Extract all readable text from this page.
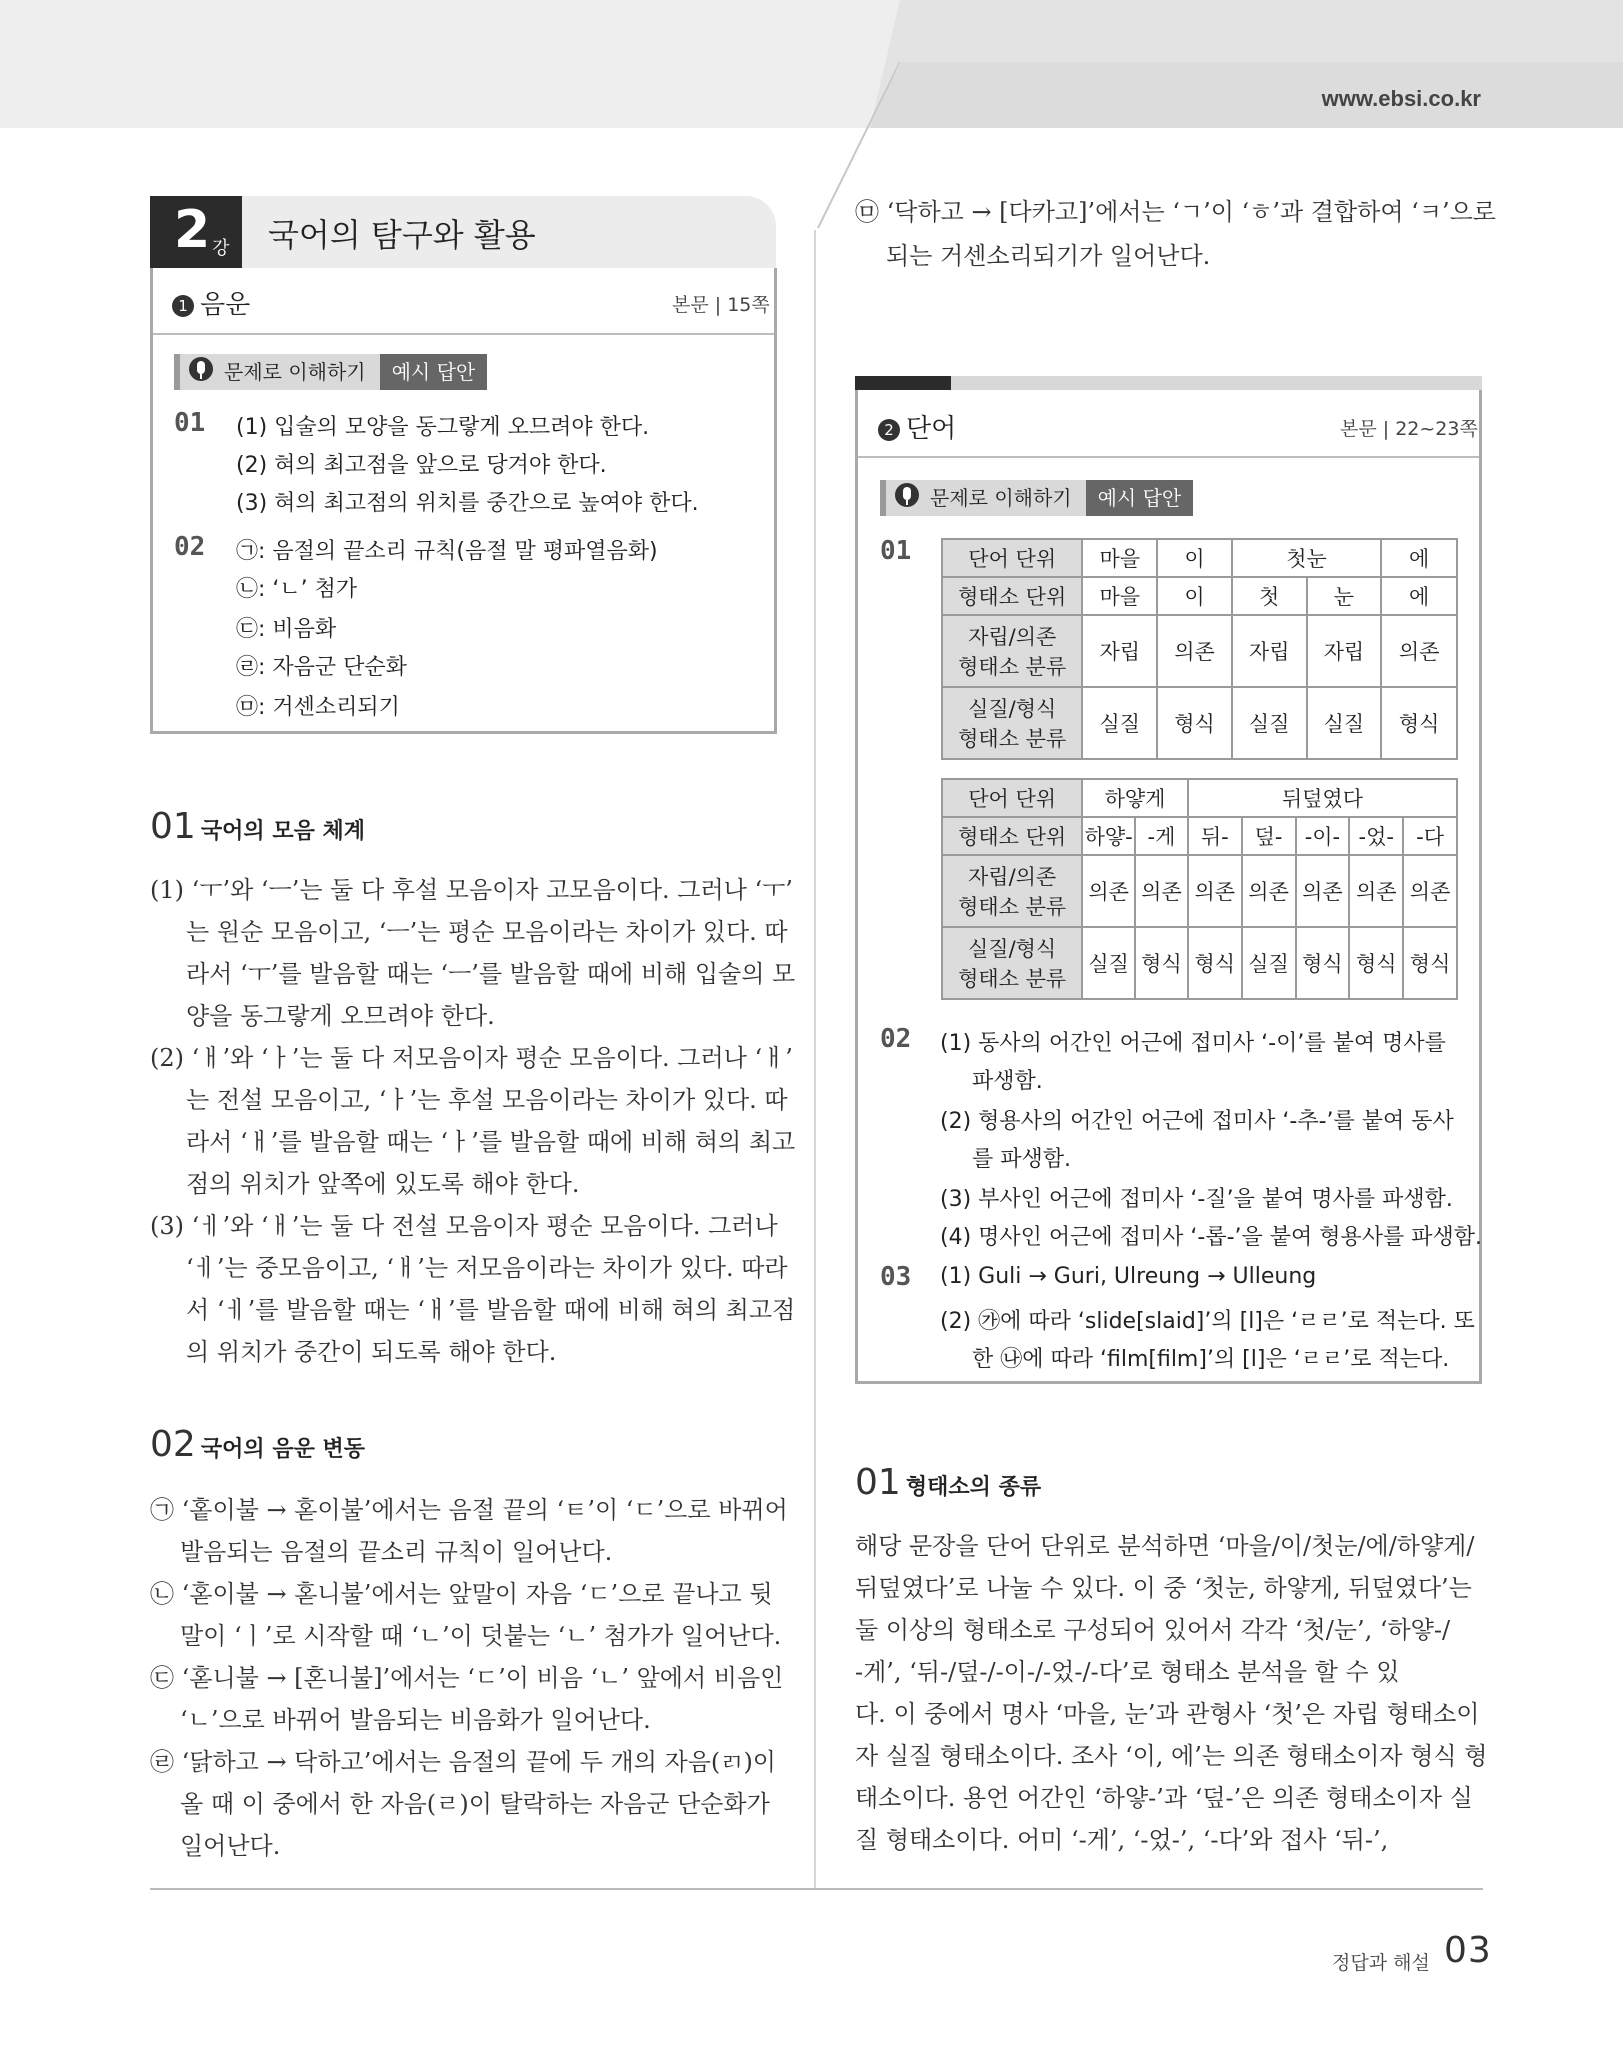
www.ebsi.co.kr
2 강 국어의 탐구와 활용
1 음운	본문 | 15쪽
문제로 이해하기 예시 답안
01 (1) 입술의 모양을 동그랗게 오므려야 한다.
(2) 혀의 최고점을 앞으로 당겨야 한다.
(3) 혀의 최고점의 위치를 중간으로 높여야 한다.
02 ㉠: 음절의 끝소리 규칙(음절 말 평파열음화)
㉡: ‘ㄴ’ 첨가
㉢: 비음화
㉣: 자음군 단순화
㉤: 거센소리되기
01 국어의 모음 체계
(1) ‘ㅜ’와 ‘ㅡ’는 둘 다 후설 모음이자 고모음이다. 그러나 ‘ㅜ’
는 원순 모음이고, ‘ㅡ’는 평순 모음이라는 차이가 있다. 따
라서 ‘ㅜ’를 발음할 때는 ‘ㅡ’를 발음할 때에 비해 입술의 모
양을 동그랗게 오므려야 한다.
(2) ‘ㅐ’와 ‘ㅏ’는 둘 다 저모음이자 평순 모음이다. 그러나 ‘ㅐ’
는 전설 모음이고, ‘ㅏ’는 후설 모음이라는 차이가 있다. 따
라서 ‘ㅐ’를 발음할 때는 ‘ㅏ’를 발음할 때에 비해 혀의 최고
점의 위치가 앞쪽에 있도록 해야 한다.
(3) ‘ㅔ’와 ‘ㅐ’는 둘 다 전설 모음이자 평순 모음이다. 그러나
‘ㅔ’는 중모음이고, ‘ㅐ’는 저모음이라는 차이가 있다. 따라
서 ‘ㅔ’를 발음할 때는 ‘ㅐ’를 발음할 때에 비해 혀의 최고점
의 위치가 중간이 되도록 해야 한다.
02 국어의 음운 변동
㉠ ‘홑이불 → 혿이불’에서는 음절 끝의 ‘ㅌ’이 ‘ㄷ’으로 바뀌어
발음되는 음절의 끝소리 규칙이 일어난다.
㉡ ‘혿이불 → 혿니불’에서는 앞말이 자음 ‘ㄷ’으로 끝나고 뒷
말이 ‘ㅣ’로 시작할 때 ‘ㄴ’이 덧붙는 ‘ㄴ’ 첨가가 일어난다.
㉢ ‘혿니불 → [혼니불]’에서는 ‘ㄷ’이 비음 ‘ㄴ’ 앞에서 비음인
‘ㄴ’으로 바뀌어 발음되는 비음화가 일어난다.
㉣ ‘닭하고 → 닥하고’에서는 음절의 끝에 두 개의 자음(ㄺ)이
올 때 이 중에서 한 자음(ㄹ)이 탈락하는 자음군 단순화가
일어난다.
㉤ ‘닥하고 → [다카고]’에서는 ‘ㄱ’이 ‘ㅎ’과 결합하여 ‘ㅋ’으로
되는 거센소리되기가 일어난다.
2 단어	본문 | 22~23쪽
문제로 이해하기 예시 답안
01	단어 단위	마을	이	첫눈		에
형태소 단위	마을	이	첫	눈	에
자립/의존
형태소 분류	자립	의존	자립	자립	의존
실질/형식
형태소 분류	실질	형식	실질	실질	형식
단어 단위	하얗게		뒤덮였다				
형태소 단위	하얗-	-게	뒤-	덮-	-이-	-었-	-다
자립/의존
형태소 분류	의존	의존	의존	의존	의존	의존	의존
실질/형식
형태소 분류	실질	형식	형식	실질	형식	형식	형식
02 (1) 동사의 어간인 어근에 접미사 ‘-이’를 붙여 명사를
파생함.
(2) 형용사의 어간인 어근에 접미사 ‘-추-’를 붙여 동사
를 파생함.
(3) 부사인 어근에 접미사 ‘-질’을 붙여 명사를 파생함.
(4) 명사인 어근에 접미사 ‘-롭-’을 붙여 형용사를 파생함.
03 (1) Guli → Guri, Ulreung → Ulleung
(2) ㉮에 따라 ‘slide[slaid]’의 [l]은 ‘ㄹㄹ’로 적는다. 또
한 ㉯에 따라 ‘film[film]’의 [l]은 ‘ㄹㄹ’로 적는다.
01 형태소의 종류
해당 문장을 단어 단위로 분석하면 ‘마을/이/첫눈/에/하얗게/
뒤덮였다’로 나눌 수 있다. 이 중 ‘첫눈, 하얗게, 뒤덮였다’는
둘 이상의 형태소로 구성되어 있어서 각각 ‘첫/눈’, ‘하얗-/
-게’, ‘뒤-/덮-/-이-/-었-/-다’로 형태소 분석을 할 수 있
다. 이 중에서 명사 ‘마을, 눈’과 관형사 ‘첫’은 자립 형태소이
자 실질 형태소이다. 조사 ‘이, 에’는 의존 형태소이자 형식 형
태소이다. 용언 어간인 ‘하얗-’과 ‘덮-’은 의존 형태소이자 실
질 형태소이다. 어미 ‘-게’, ‘-었-’, ‘-다’와 접사 ‘뒤-’,
정답과 해설 03
